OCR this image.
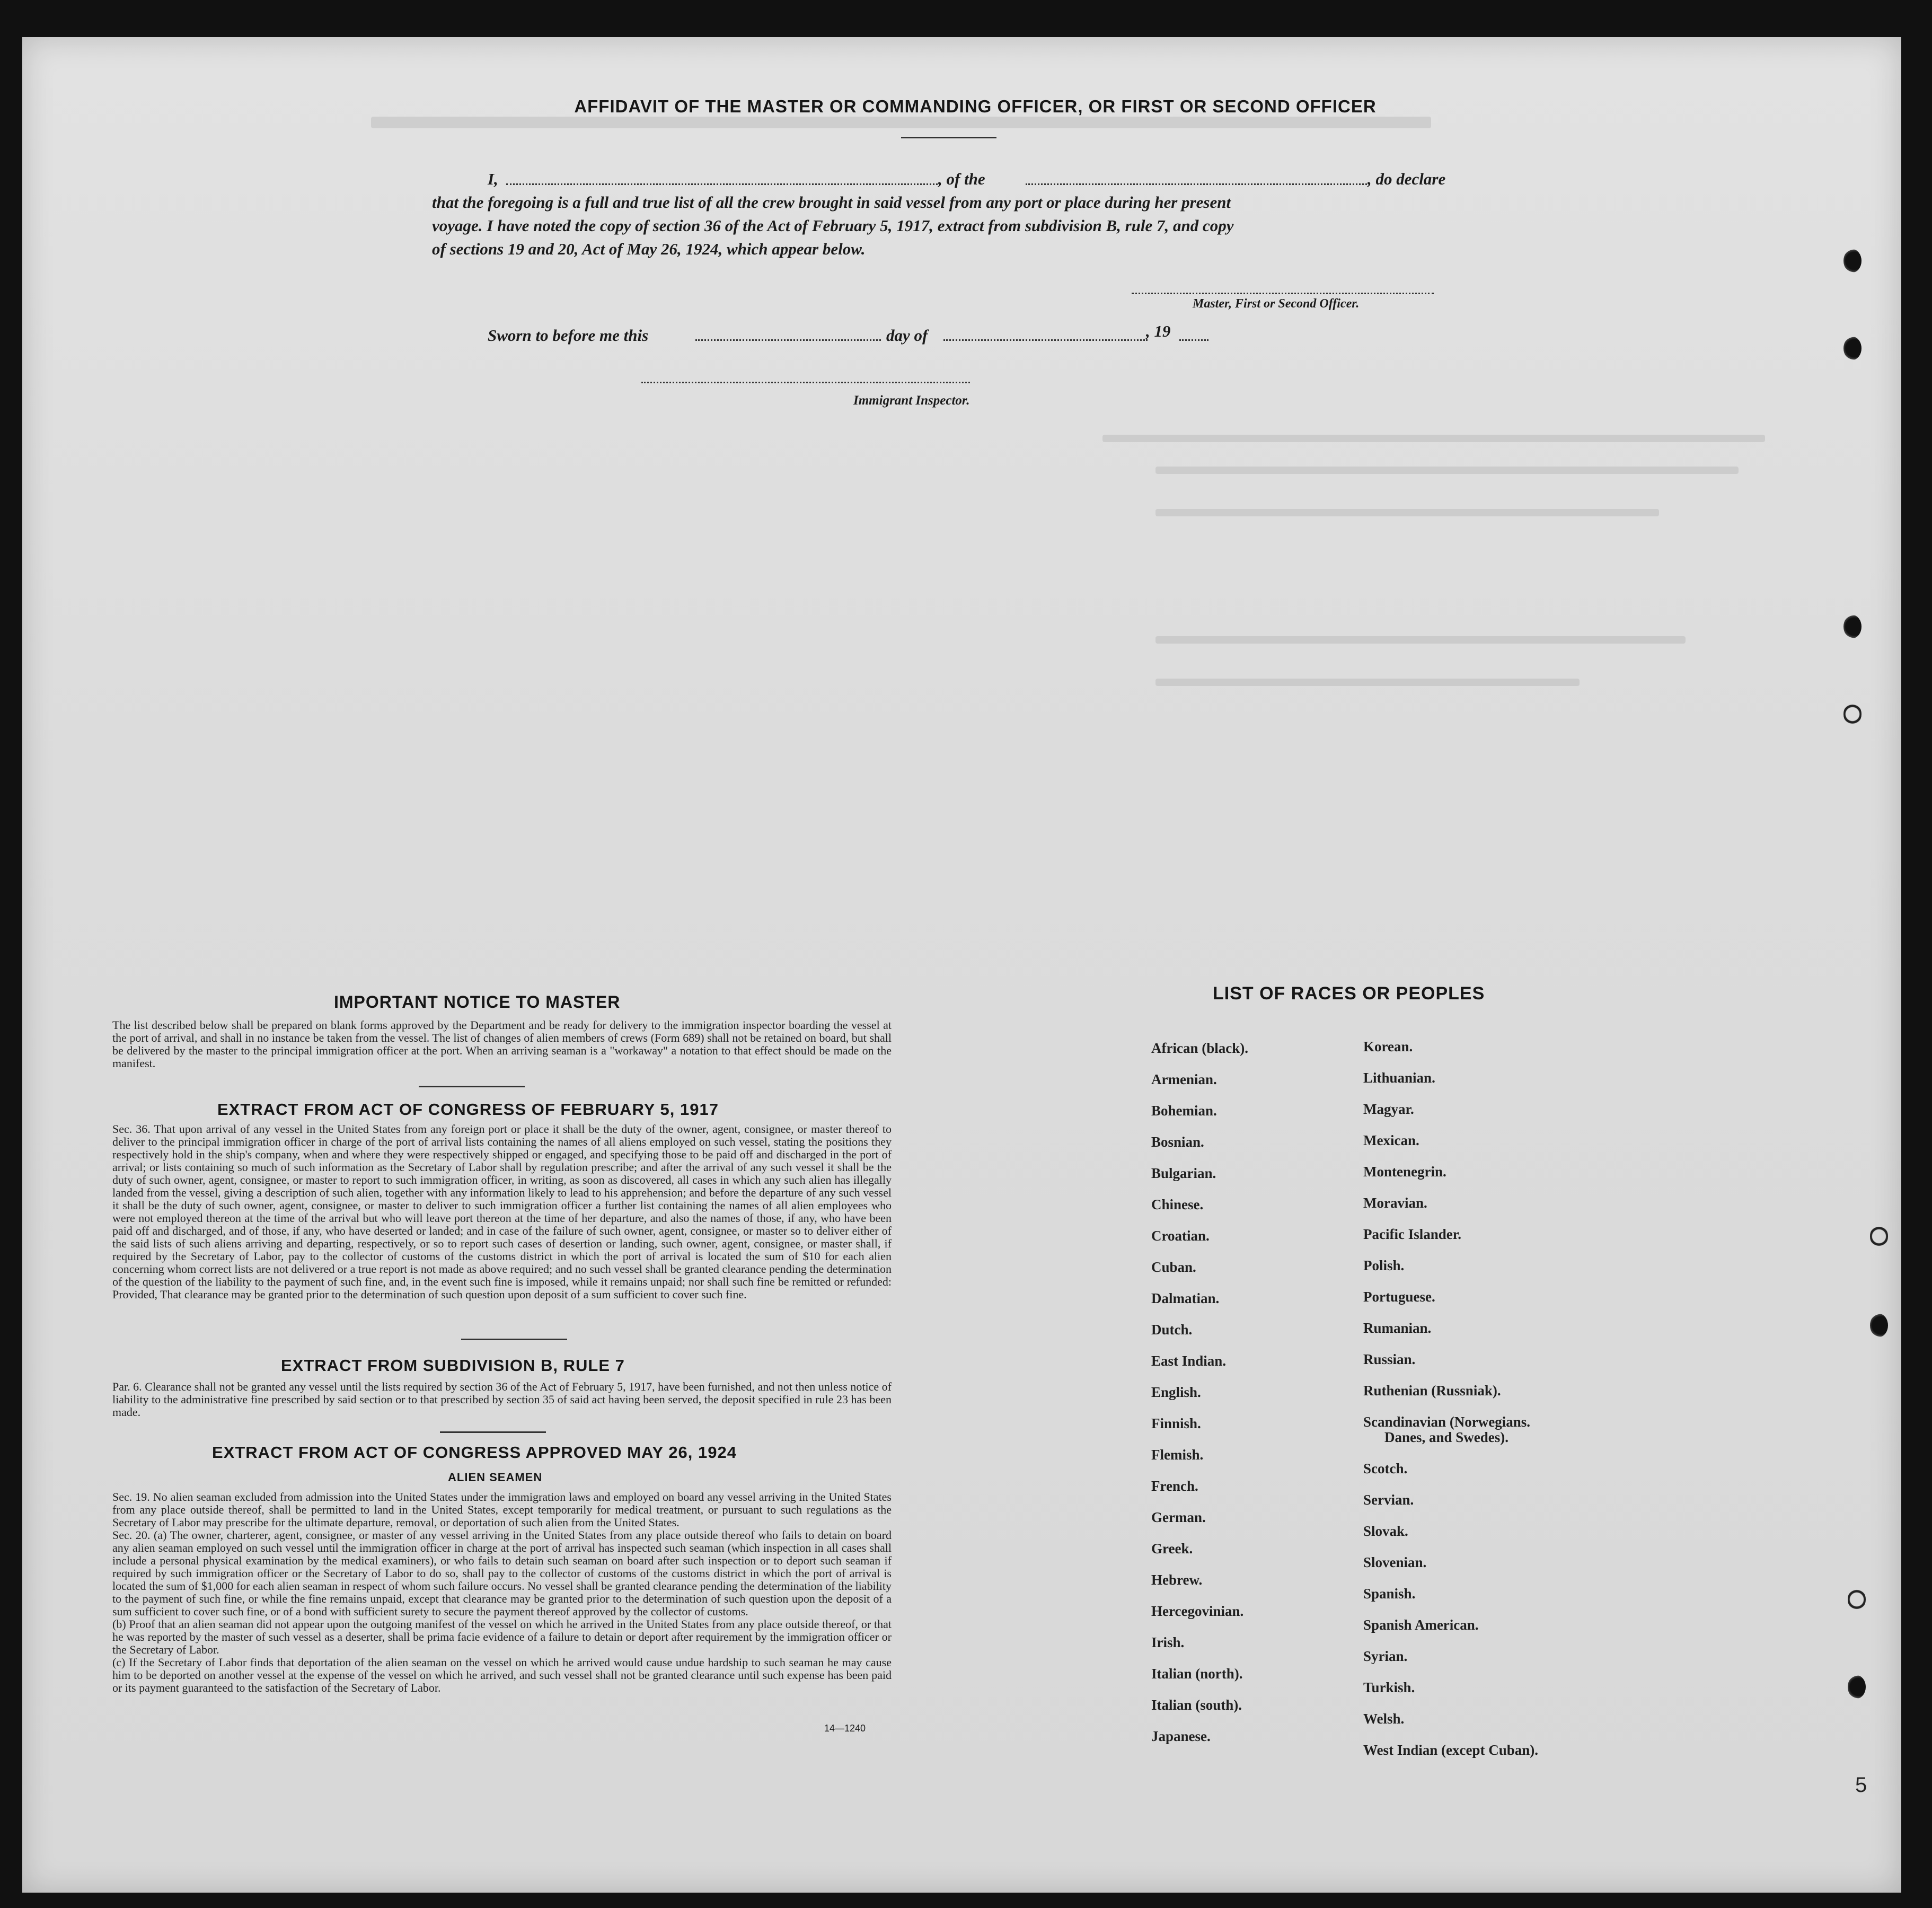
5
AFFIDAVIT OF THE MASTER OR COMMANDING OFFICER, OR FIRST OR SECOND OFFICER
I,	, of the	, do declare
that the foregoing is a full and true list of all the crew brought in said vessel from any port or place during her present
voyage. I have noted the copy of section 36 of the Act of February 5, 1917, extract from subdivision B, rule 7, and copy
of sections 19 and 20, Act of May 26, 1924, which appear below.
Master, First or Second Officer.
Sworn to before me this	day of	, 19
Immigrant Inspector.
IMPORTANT NOTICE TO MASTER
The list described below shall be prepared on blank forms approved by the Department and be ready for delivery to the immigration inspector boarding the vessel at the port of arrival, and shall in no instance be taken from the vessel. The list of changes of alien members of crews (Form 689) shall not be retained on board, but shall be delivered by the master to the principal immigration officer at the port. When an arriving seaman is a "workaway" a notation to that effect should be made on the manifest.
EXTRACT FROM ACT OF CONGRESS OF FEBRUARY 5, 1917
Sec. 36. That upon arrival of any vessel in the United States from any foreign port or place it shall be the duty of the owner, agent, consignee, or master thereof to deliver to the principal immigration officer in charge of the port of arrival lists containing the names of all aliens employed on such vessel, stating the positions they respectively hold in the ship's company, when and where they were respectively shipped or engaged, and specifying those to be paid off and discharged in the port of arrival; or lists containing so much of such information as the Secretary of Labor shall by regulation prescribe; and after the arrival of any such vessel it shall be the duty of such owner, agent, consignee, or master to report to such immigration officer, in writing, as soon as discovered, all cases in which any such alien has illegally landed from the vessel, giving a description of such alien, together with any information likely to lead to his apprehension; and before the departure of any such vessel it shall be the duty of such owner, agent, consignee, or master to deliver to such immigration officer a further list containing the names of all alien employees who were not employed thereon at the time of the arrival but who will leave port thereon at the time of her departure, and also the names of those, if any, who have been paid off and discharged, and of those, if any, who have deserted or landed; and in case of the failure of such owner, agent, consignee, or master so to deliver either of the said lists of such aliens arriving and departing, respectively, or so to report such cases of desertion or landing, such owner, agent, consignee, or master shall, if required by the Secretary of Labor, pay to the collector of customs of the customs district in which the port of arrival is located the sum of $10 for each alien concerning whom correct lists are not delivered or a true report is not made as above required; and no such vessel shall be granted clearance pending the determination of the question of the liability to the payment of such fine, and, in the event such fine is imposed, while it remains unpaid; nor shall such fine be remitted or refunded: Provided, That clearance may be granted prior to the determination of such question upon deposit of a sum sufficient to cover such fine.
EXTRACT FROM SUBDIVISION B, RULE 7
Par. 6. Clearance shall not be granted any vessel until the lists required by section 36 of the Act of February 5, 1917, have been furnished, and not then unless notice of liability to the administrative fine prescribed by said section or to that prescribed by section 35 of said act having been served, the deposit specified in rule 23 has been made.
EXTRACT FROM ACT OF CONGRESS APPROVED MAY 26, 1924
ALIEN SEAMEN
Sec. 19. No alien seaman excluded from admission into the United States under the immigration laws and employed on board any vessel arriving in the United States from any place outside thereof, shall be permitted to land in the United States, except temporarily for medical treatment, or pursuant to such regulations as the Secretary of Labor may prescribe for the ultimate departure, removal, or deportation of such alien from the United States.
Sec. 20. (a) The owner, charterer, agent, consignee, or master of any vessel arriving in the United States from any place outside thereof who fails to detain on board any alien seaman employed on such vessel until the immigration officer in charge at the port of arrival has inspected such seaman (which inspection in all cases shall include a personal physical examination by the medical examiners), or who fails to detain such seaman on board after such inspection or to deport such seaman if required by such immigration officer or the Secretary of Labor to do so, shall pay to the collector of customs of the customs district in which the port of arrival is located the sum of $1,000 for each alien seaman in respect of whom such failure occurs. No vessel shall be granted clearance pending the determination of the liability to the payment of such fine, or while the fine remains unpaid, except that clearance may be granted prior to the determination of such question upon the deposit of a sum sufficient to cover such fine, or of a bond with sufficient surety to secure the payment thereof approved by the collector of customs.
(b) Proof that an alien seaman did not appear upon the outgoing manifest of the vessel on which he arrived in the United States from any place outside thereof, or that he was reported by the master of such vessel as a deserter, shall be prima facie evidence of a failure to detain or deport after requirement by the immigration officer or the Secretary of Labor.
(c) If the Secretary of Labor finds that deportation of the alien seaman on the vessel on which he arrived would cause undue hardship to such seaman he may cause him to be deported on another vessel at the expense of the vessel on which he arrived, and such vessel shall not be granted clearance until such expense has been paid or its payment guaranteed to the satisfaction of the Secretary of Labor.
14—1240
LIST OF RACES OR PEOPLES
African (black).
Armenian.
Bohemian.
Bosnian.
Bulgarian.
Chinese.
Croatian.
Cuban.
Dalmatian.
Dutch.
East Indian.
English.
Finnish.
Flemish.
French.
German.
Greek.
Hebrew.
Hercegovinian.
Irish.
Italian (north).
Italian (south).
Japanese.
Korean.
Lithuanian.
Magyar.
Mexican.
Montenegrin.
Moravian.
Pacific Islander.
Polish.
Portuguese.
Rumanian.
Russian.
Ruthenian (Russniak).
Scandinavian (Norwegians.
Danes, and Swedes).
Scotch.
Servian.
Slovak.
Slovenian.
Spanish.
Spanish American.
Syrian.
Turkish.
Welsh.
West Indian (except Cuban).
